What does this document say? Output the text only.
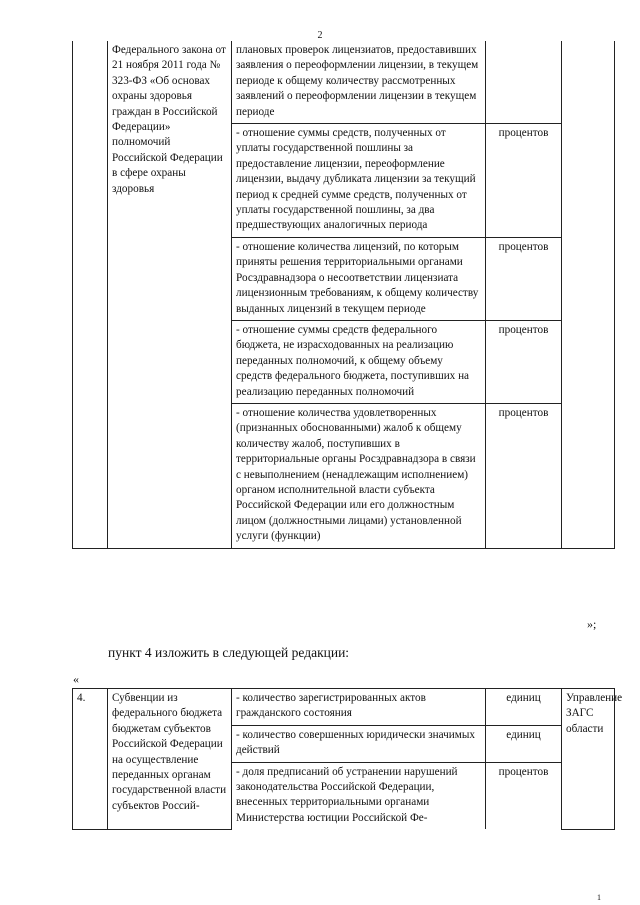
2
	Федерального закона от 21 ноября 2011 года № 323-ФЗ «Об основах охраны здоровья граждан в Российской Федерации» полномочий Российской Федерации в сфере охраны здоровья	плановых проверок лицензиатов, предоставивших заявления о переоформлении лицензии, в текущем периоде к общему количеству рассмотренных заявлений о переоформлении лицензии в текущем периоде		
		- отношение суммы средств, полученных от уплаты государственной пошлины за предоставление лицензии, переоформление лицензии, выдачу дубликата лицензии за текущий период к средней сумме средств, полученных от уплаты государственной пошлины, за два предшествующих аналогичных периода	процентов	
		- отношение количества лицензий, по которым приняты решения территориальными органами Росздравнадзора о несоответствии лицензиата лицензионным требованиям, к общему количеству выданных лицензий в текущем периоде	процентов	
		- отношение суммы средств федерального бюджета, не израсходованных на реализацию переданных полномочий, к общему объему средств федерального бюджета, поступивших на реализацию переданных полномочий	процентов	
		- отношение количества удовлетворенных (признанных обоснованными) жалоб к общему количеству жалоб, поступивших в территориальные органы Росздравнадзора в связи с невыполнением (ненадлежащим исполнением) органом исполнительной власти субъекта Российской Федерации или его должностным лицом (должностными лицами) установленной услуги (функции)	процентов	
»;
пункт 4 изложить в следующей редакции:
«
4.	Субвенции из федерального бюджета бюджетам субъектов Российской Федерации на осуществление переданных органам государственной власти субъектов Россий-	- количество зарегистрированных актов гражданского состояния	единиц	Управление ЗАГС области
		- количество совершенных юридически значимых действий	единиц	
		- доля предписаний об устранении нарушений законодательства Российской Федерации, внесенных территориальными органами Министерства юстиции Российской Фе-	процентов	
1
